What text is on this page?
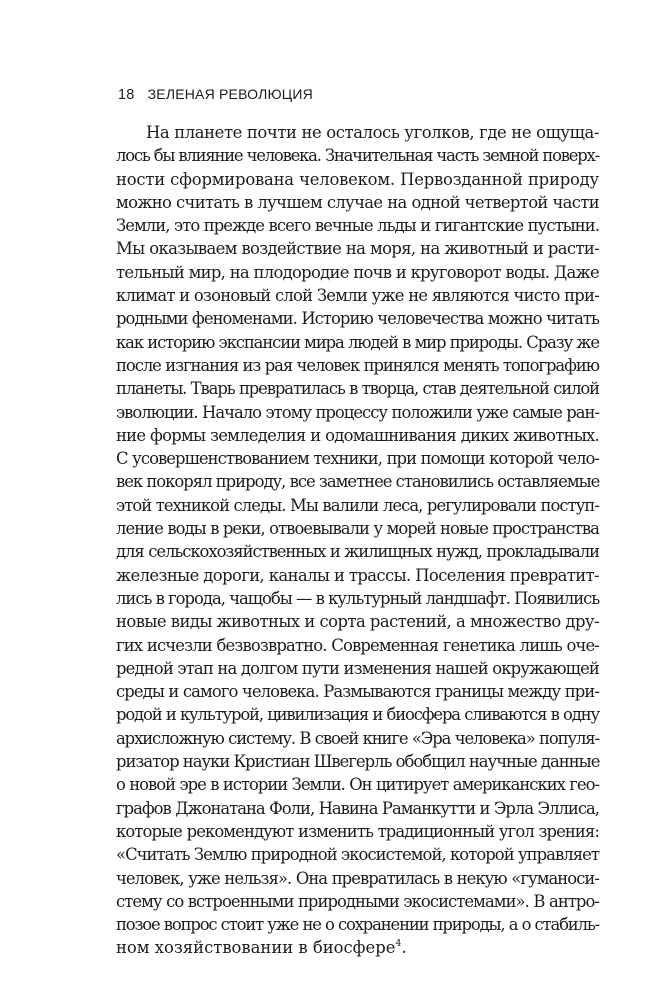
18 ЗЕЛЕНАЯ РЕВОЛЮЦИЯ
На планете почти не осталось уголков, где не ощуща-
лось бы влияние человека. Значительная часть земной поверх-
ности сформирована человеком. Первозданной природу
можно считать в лучшем случае на одной четвертой части
Земли, это прежде всего вечные льды и гигантские пустыни.
Мы оказываем воздействие на моря, на животный и расти-
тельный мир, на плодородие почв и круговорот воды. Даже
климат и озоновый слой Земли уже не являются чисто при-
родными феноменами. Историю человечества можно читать
как историю экспансии мира людей в мир природы. Сразу же
после изгнания из рая человек принялся менять топографию
планеты. Тварь превратилась в творца, став деятельной силой
эволюции. Начало этому процессу положили уже самые ран-
ние формы земледелия и одомашнивания диких животных.
С усовершенствованием техники, при помощи которой чело-
век покорял природу, все заметнее становились оставляемые
этой техникой следы. Мы валили леса, регулировали поступ-
ление воды в реки, отвоевывали у морей новые пространства
для сельскохозяйственных и жилищных нужд, прокладывали
железные дороги, каналы и трассы. Поселения превратит-
лись в города, чащобы — в культурный ландшафт. Появились
новые виды животных и сорта растений, а множество дру-
гих исчезли безвозвратно. Современная генетика лишь оче-
редной этап на долгом пути изменения нашей окружающей
среды и самого человека. Размываются границы между при-
родой и культурой, цивилизация и биосфера сливаются в одну
архисложную систему. В своей книге «Эра человека» популя-
ризатор науки Кристиан Швегерль обобщил научные данные
о новой эре в истории Земли. Он цитирует американских гео-
графов Джонатана Фоли, Навина Раманкутти и Эрла Эллиса,
которые рекомендуют изменить традиционный угол зрения:
«Считать Землю природной экосистемой, которой управляет
человек, уже нельзя». Она превратилась в некую «гуманоси-
стему со встроенными природными экосистемами». В антро-
позое вопрос стоит уже не о сохранении природы, а о стабиль-
ном хозяйствовании в биосфере$^4$.
